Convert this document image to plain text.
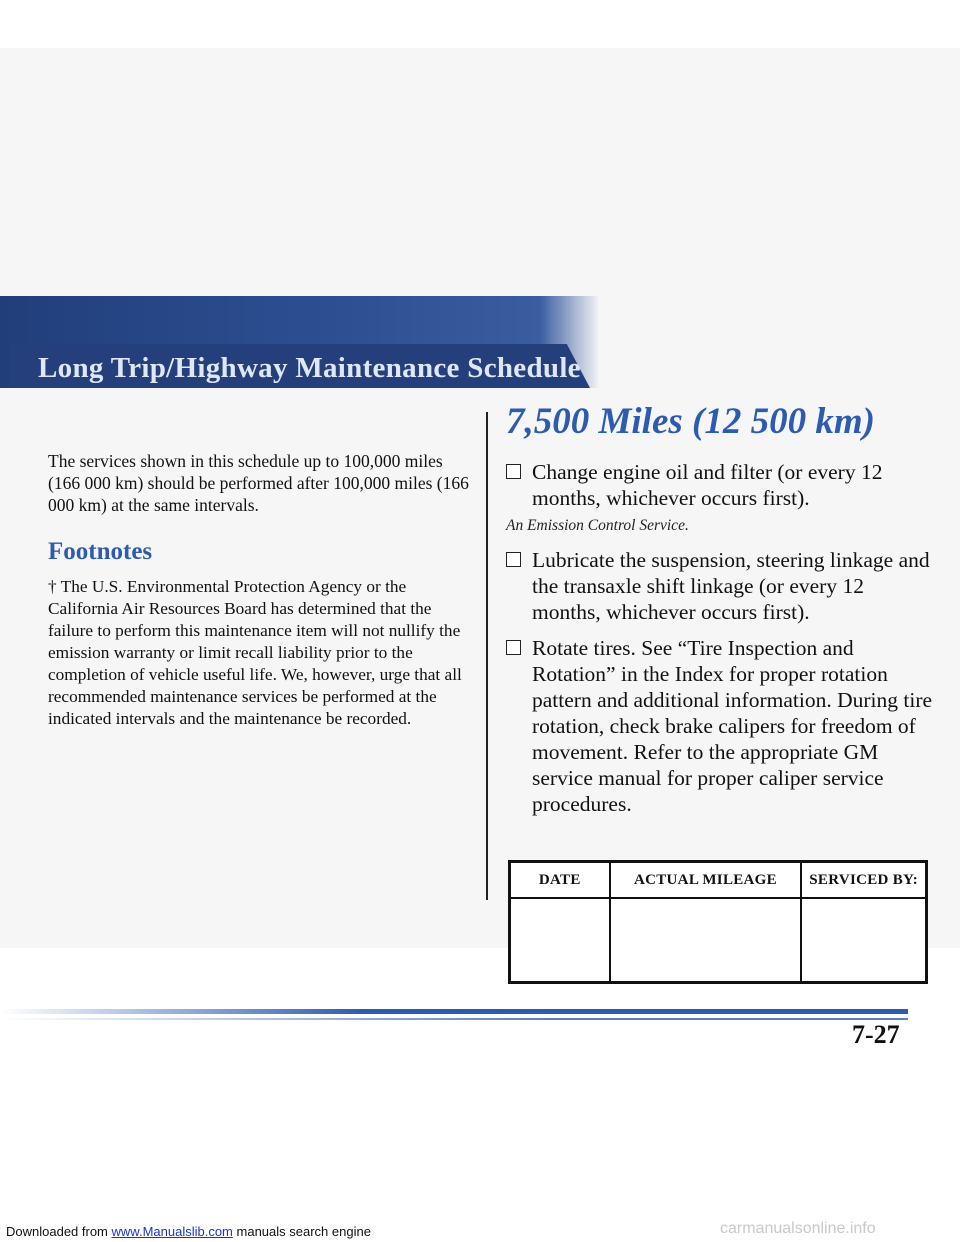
Long Trip/Highway Maintenance Schedule

The services shown in this schedule up to 100,000 miles (166 000 km) should be performed after 100,000 miles (166 000 km) at the same intervals.

Footnotes

† The U.S. Environmental Protection Agency or the California Air Resources Board has determined that the failure to perform this maintenance item will not nullify the emission warranty or limit recall liability prior to the completion of vehicle useful life. We, however, urge that all recommended maintenance services be performed at the indicated intervals and the maintenance be recorded.

7,500 Miles (12 500 km)
Change engine oil and filter (or every 12 months, whichever occurs first).
An Emission Control Service.
Lubricate the suspension, steering linkage and the transaxle shift linkage (or every 12 months, whichever occurs first).
Rotate tires. See “Tire Inspection and Rotation” in the Index for proper rotation pattern and additional information. During tire rotation, check brake calipers for freedom of movement. Refer to the appropriate GM service manual for proper caliper service procedures.
DATE	ACTUAL MILEAGE	SERVICED BY:

7-27
Downloaded from www.Manualslib.com manuals search engine	carmanualsonline.info
